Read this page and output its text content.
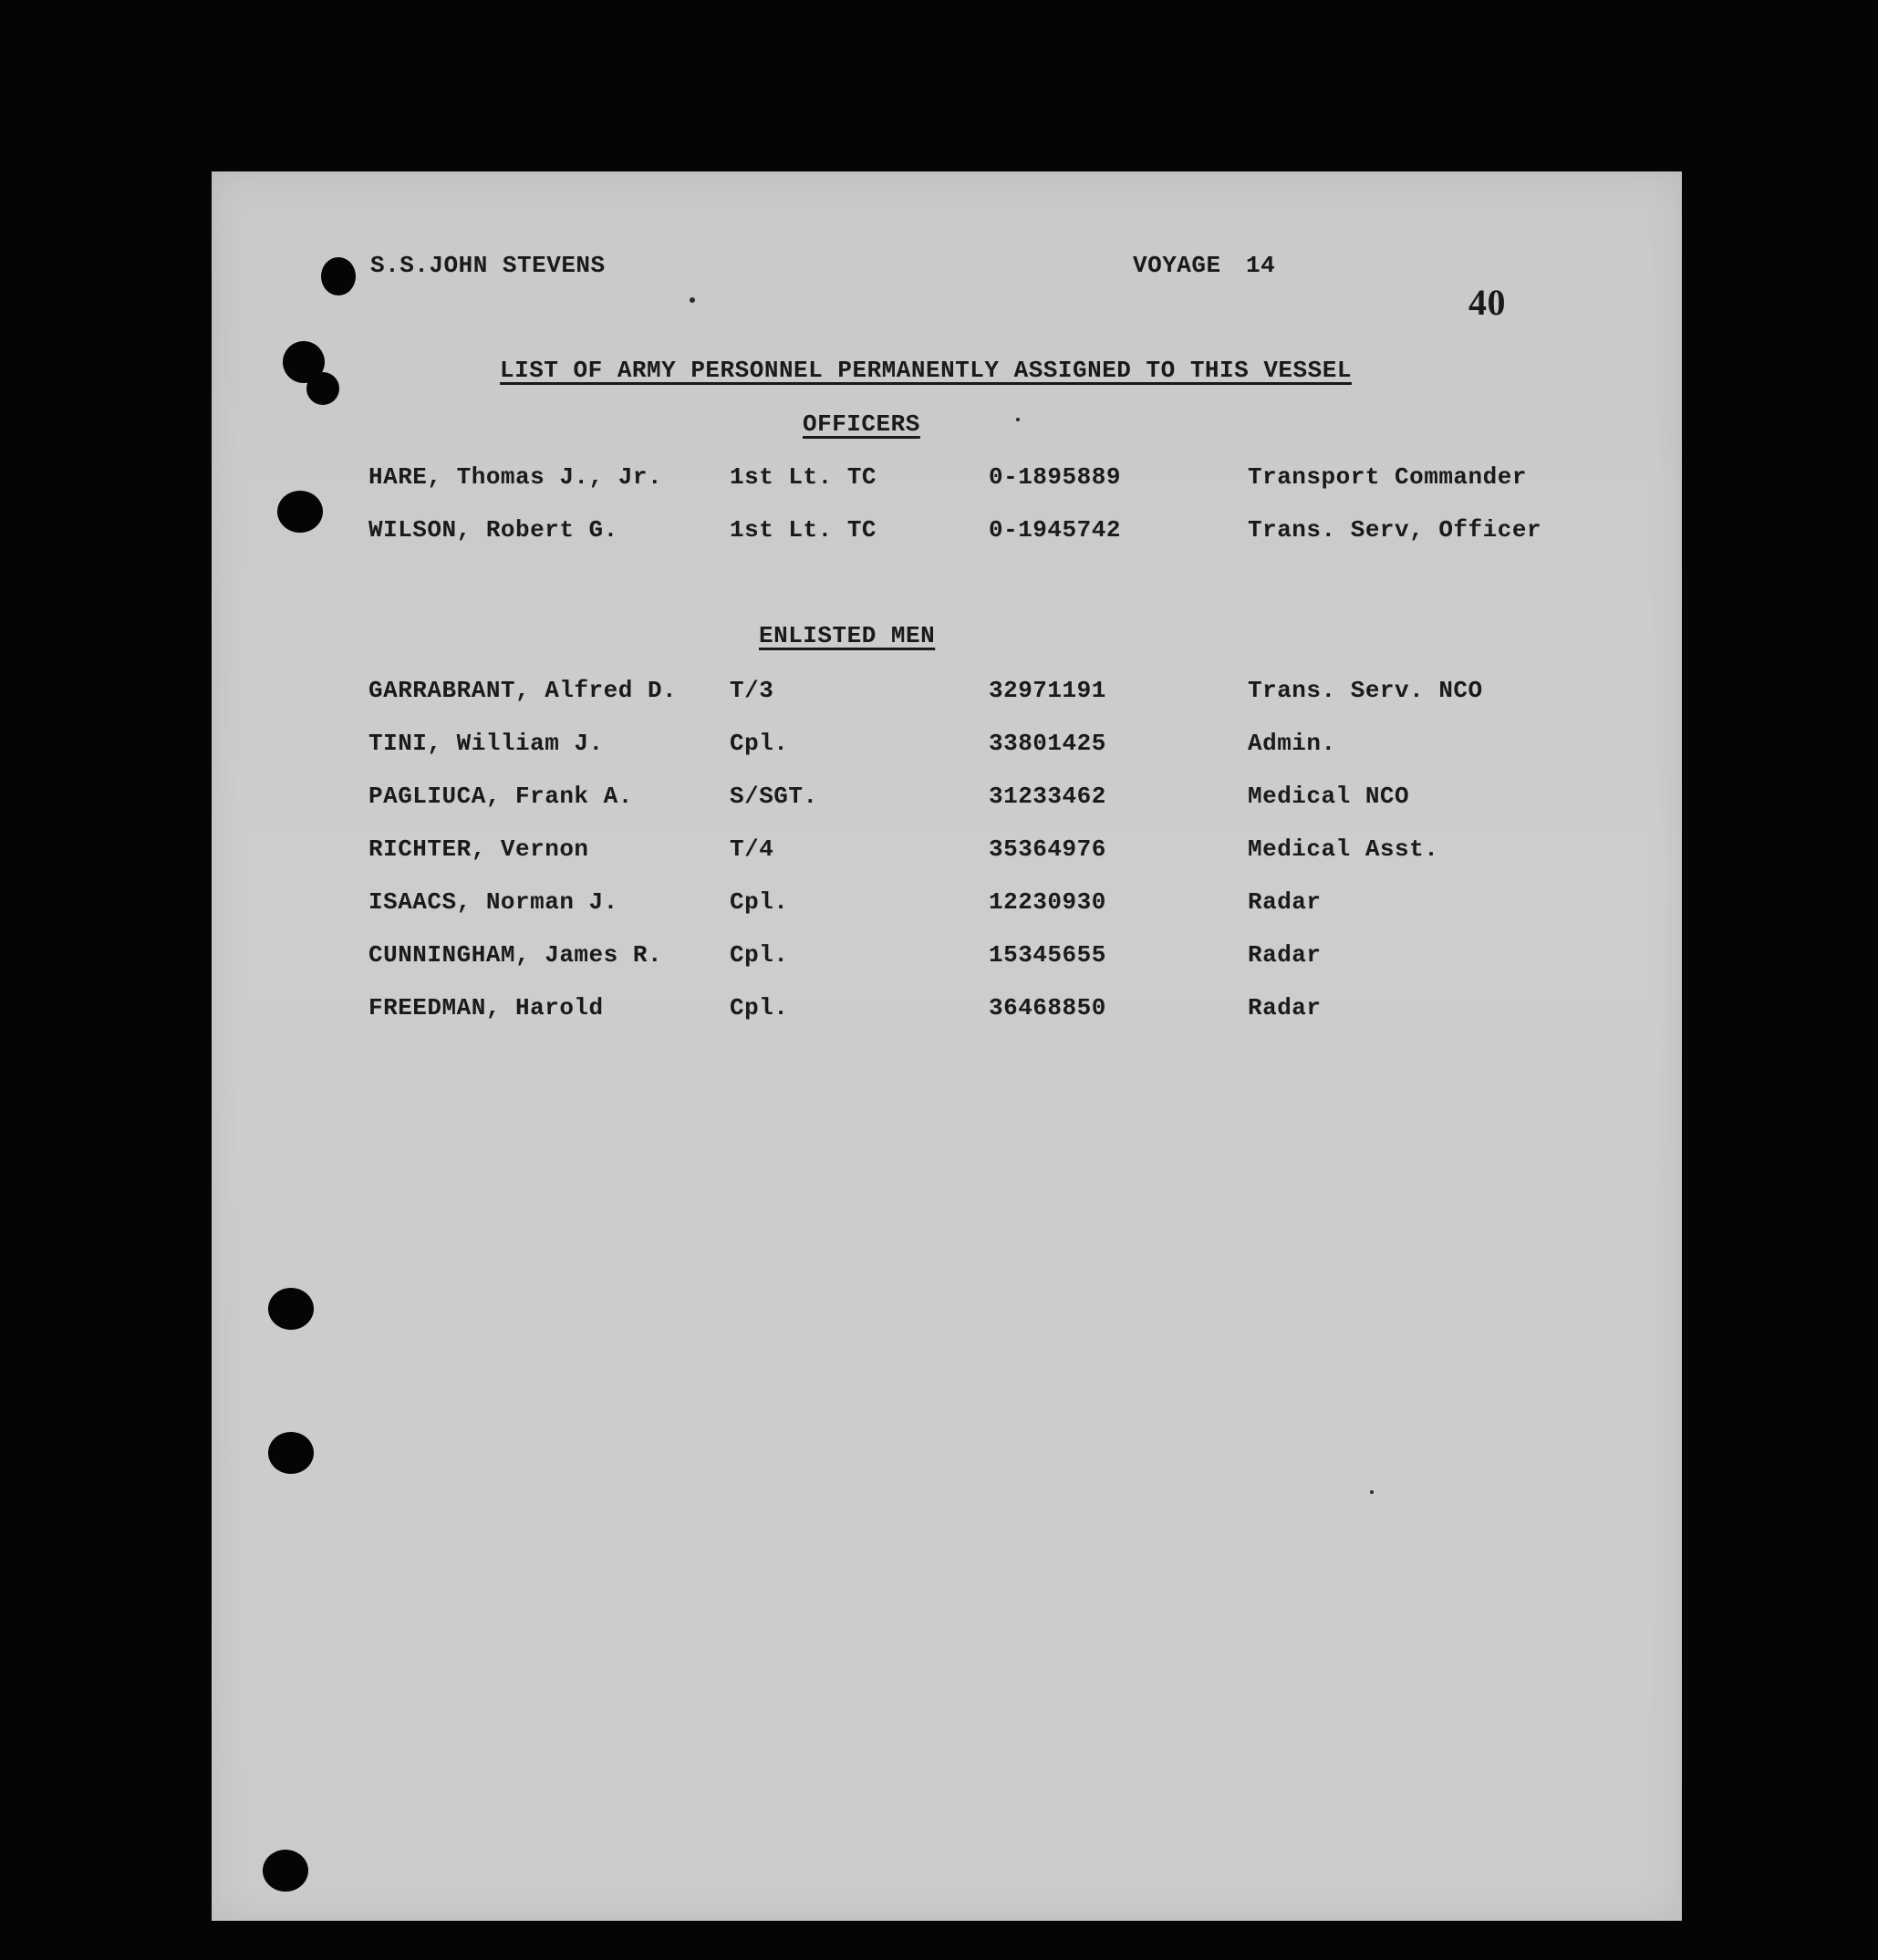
S.S.JOHN STEVENS	VOYAGE 14
40
LIST OF ARMY PERSONNEL PERMANENTLY ASSIGNED TO THIS VESSEL
OFFICERS
HARE, Thomas J., Jr.	1st Lt. TC	0-1895889	Transport Commander
WILSON, Robert G.	1st Lt. TC	0-1945742	Trans. Serv, Officer
ENLISTED MEN
GARRABRANT, Alfred D. T/3	32971191	Trans. Serv. NCO
TINI, William J.	Cpl.	33801425	Admin.
PAGLIUCA, Frank A.	S/SGT.	31233462	Medical NCO
RICHTER, Vernon	T/4	35364976	Medical Asst.
ISAACS, Norman J.	Cpl.	12230930	Radar
CUNNINGHAM, James R.	Cpl.	15345655	Radar
FREEDMAN, Harold	Cpl.	36468850	Radar
